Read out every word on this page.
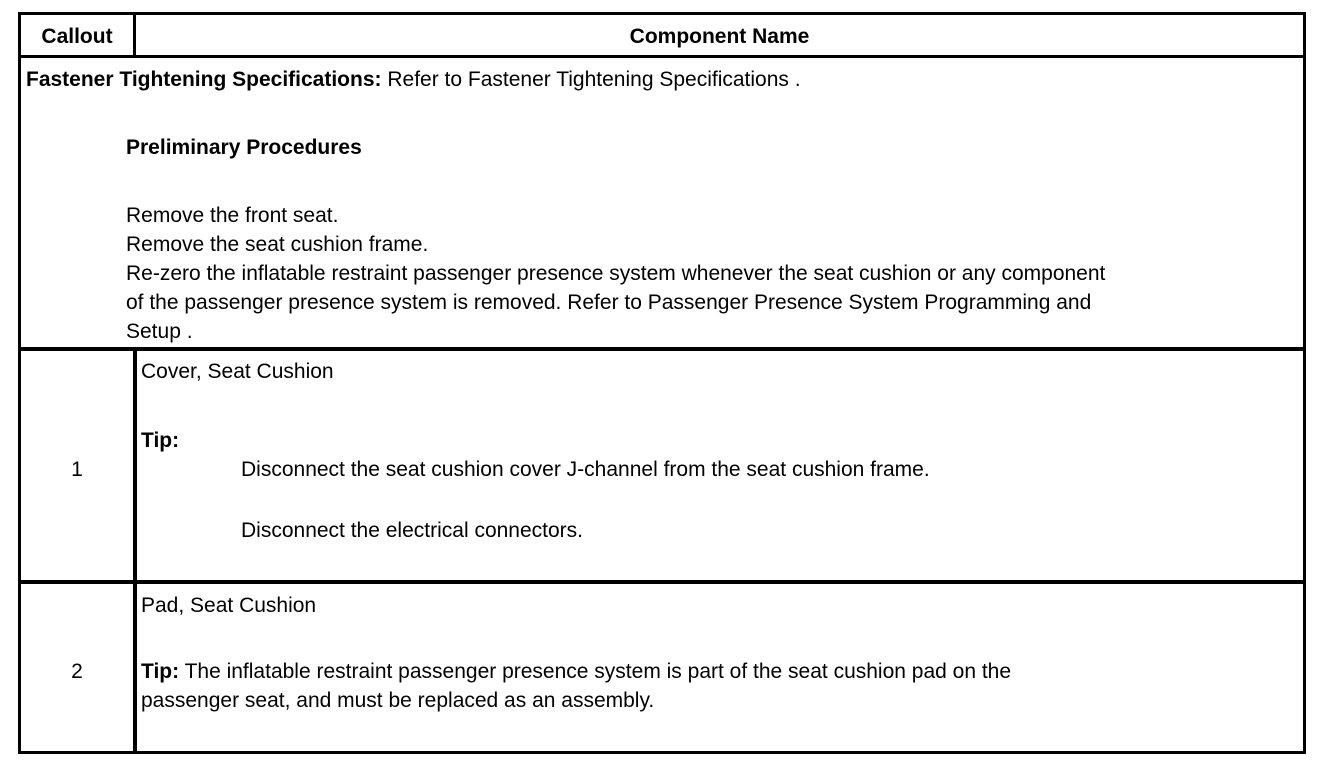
Callout	Component Name
Fastener Tightening Specifications: Refer to Fastener Tightening Specifications .
Preliminary Procedures
Remove the front seat.
Remove the seat cushion frame.
Re-zero the inflatable restraint passenger presence system whenever the seat cushion or any component
of the passenger presence system is removed. Refer to Passenger Presence System Programming and
Setup .
1
Cover, Seat Cushion
Tip:
Disconnect the seat cushion cover J-channel from the seat cushion frame.
Disconnect the electrical connectors.
2
Pad, Seat Cushion
Tip: The inflatable restraint passenger presence system is part of the seat cushion pad on the
passenger seat, and must be replaced as an assembly.
